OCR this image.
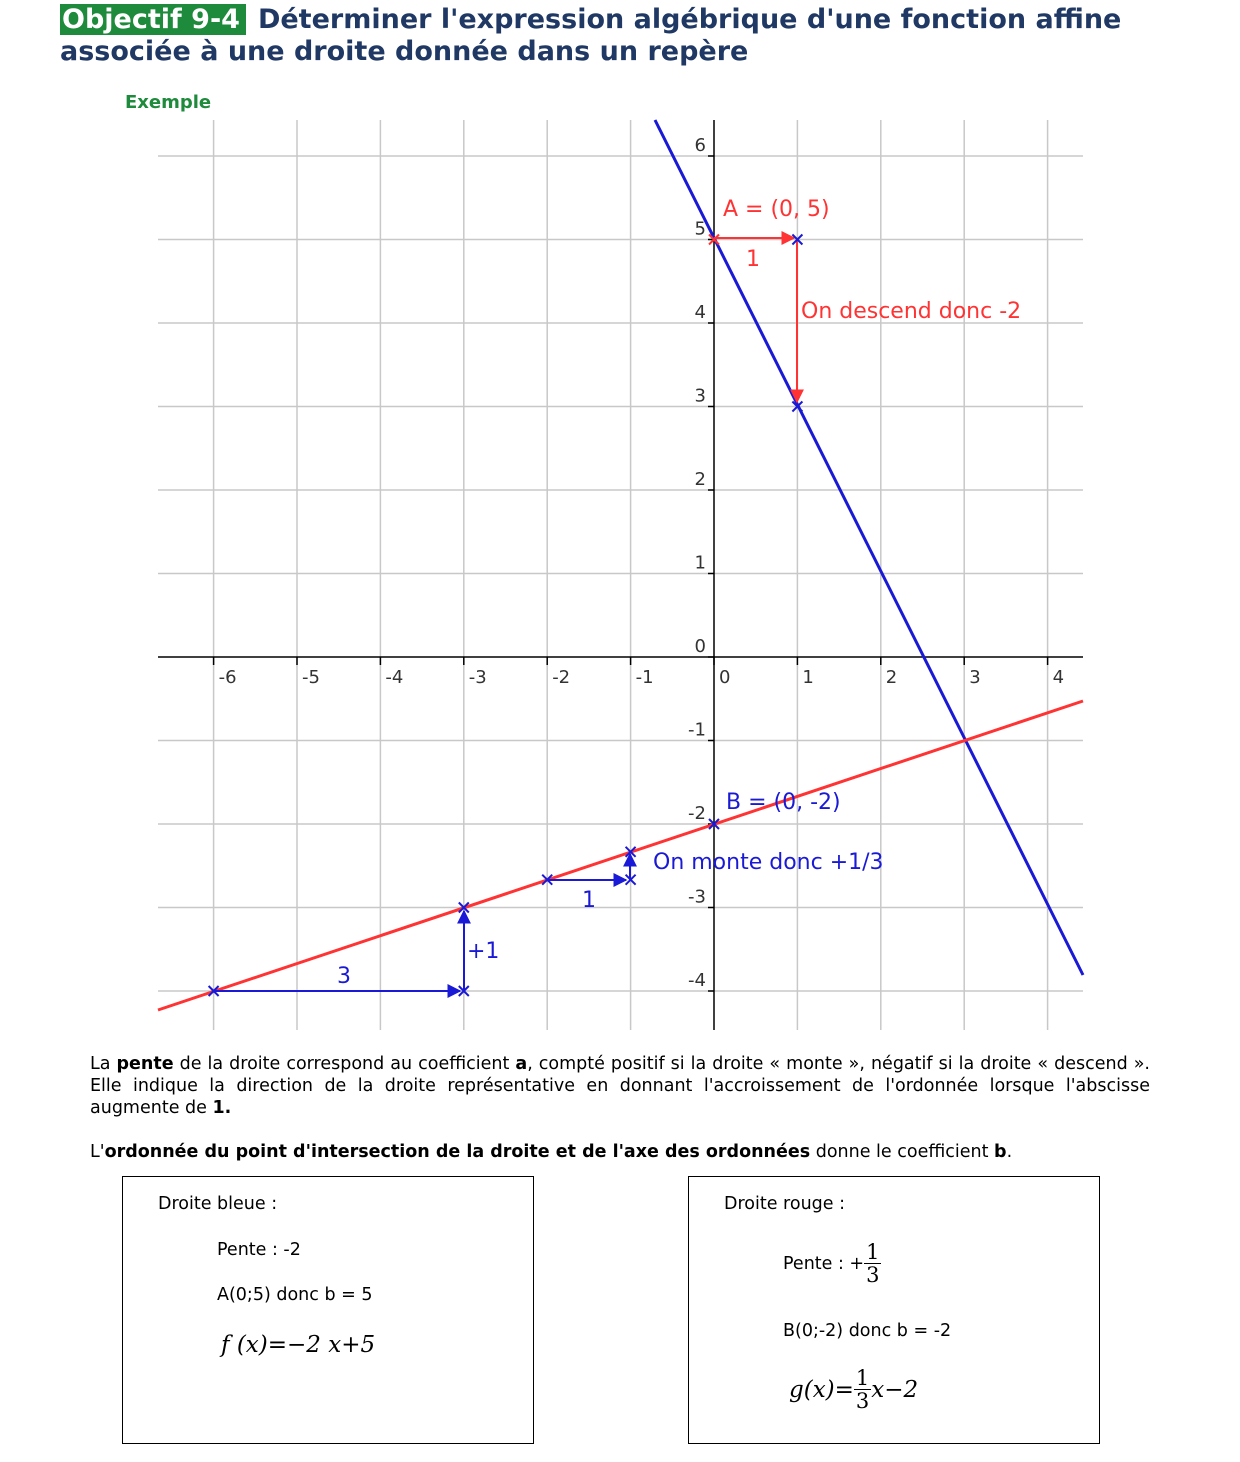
Objectif 9-4 Déterminer l'expression algébrique d'une fonction affine associée à une droite donnée dans un repère
Exemple
-6	-5	-4	-3	-2	-1	0	1	2	3	4
6
5
4
3
2
1
0
-1
-2
-3
-4
A = (0, 5)
1
On descend donc -2
B = (0, -2)
On monte donc +1/3
1
+1
3
La pente de la droite correspond au coefficient a, compté positif si la droite « monte », négatif si la droite « descend ». Elle indique la direction de la droite représentative en donnant l'accroissement de l'ordonnée lorsque l'abscisse augmente de 1.
L'ordonnée du point d'intersection de la droite et de l'axe des ordonnées donne le coefficient b.
Droite bleue :
Pente : -2
A(0;5) donc b = 5
f (x)=−2 x+5
Droite rouge :
Pente : + $\frac{1}{3}$
B(0;-2) donc b = -2
$g(x)= \frac{1}{3} x-2$
